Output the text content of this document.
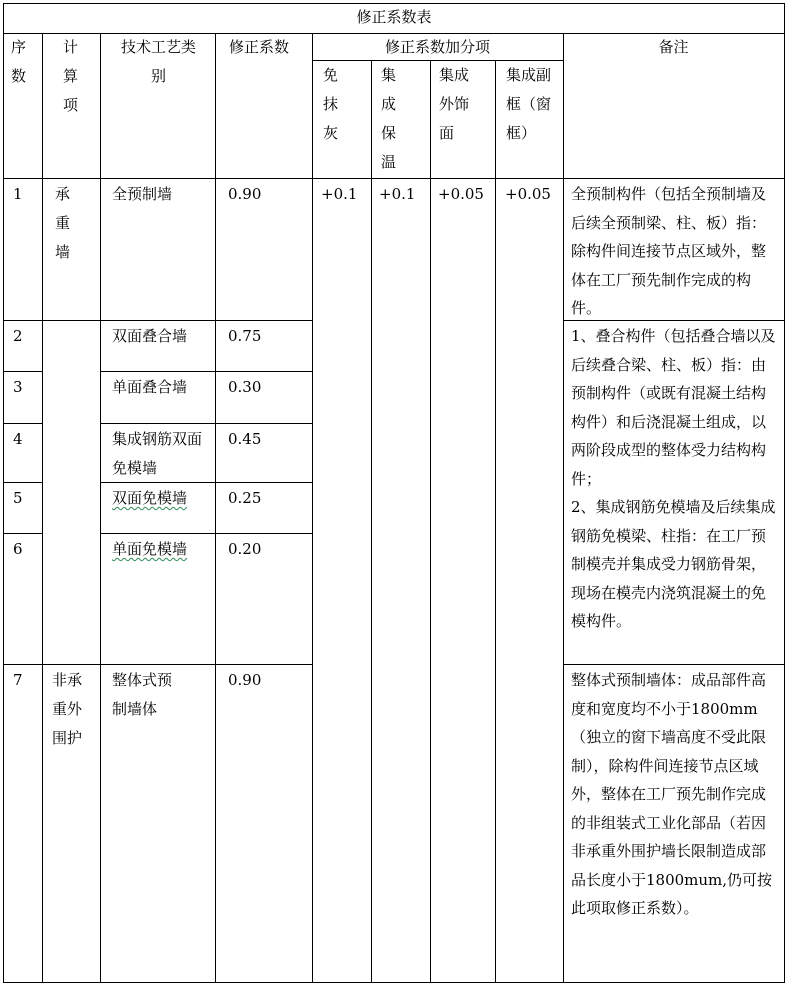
修正系数表
序数
计算项
技术工艺类别
修正系数	修正系数加分项	备注
免抹灰
集成保温
集成外饰面
集成副框（窗框）
+0.1 +0.1 +0.05 +0.05
承重墙
非承重外围护
1
2
3
4
5
6
7
全预制墙
双面叠合墙
单面叠合墙
集成钢筋双面免模墙
双面免模墙
单面免模墙
整体式预制墙体
0.90
0.75
0.30
0.45
0.25
0.20
0.90
全预制构件（包括全预制墙及后续全预制梁、柱、板）指：除构件间连接节点区域外，整体在工厂预先制作完成的构件。
1、叠合构件（包括叠合墙以及后续叠合梁、柱、板）指：由预制构件（或既有混凝土结构构件）和后浇混凝土组成，以两阶段成型的整体受力结构构件；
2、集成钢筋免模墙及后续集成钢筋免模梁、柱指：在工厂预制模壳并集成受力钢筋骨架，现场在模壳内浇筑混凝土的免模构件。
整体式预制墙体：成品部件高度和宽度均不小于1800mm（独立的窗下墙高度不受此限制），除构件间连接节点区域外，整体在工厂预先制作完成的非组装式工业化部品（若因非承重外围护墙长限制造成部品长度小于1800mum,仍可按此项取修正系数）。
